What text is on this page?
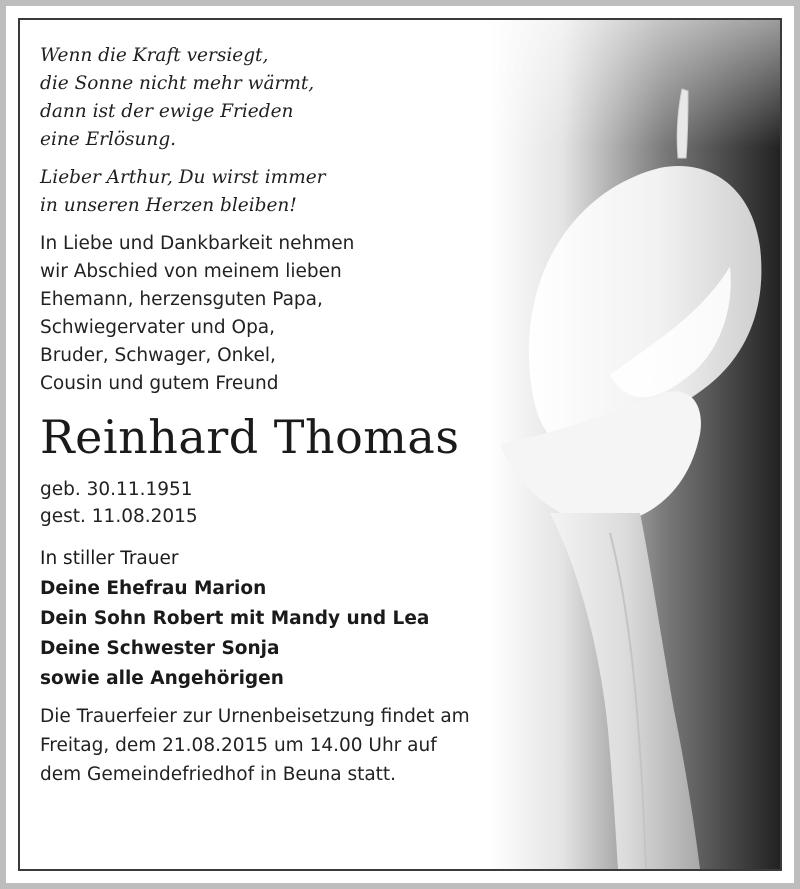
Wenn die Kraft versiegt,
die Sonne nicht mehr wärmt,
dann ist der ewige Frieden
eine Erlösung.
Lieber Arthur, Du wirst immer
in unseren Herzen bleiben!
In Liebe und Dankbarkeit nehmen
wir Abschied von meinem lieben
Ehemann, herzensguten Papa,
Schwiegervater und Opa,
Bruder, Schwager, Onkel,
Cousin und gutem Freund
Reinhard Thomas
geb. 30.11.1951
gest. 11.08.2015
In stiller Trauer
Deine Ehefrau Marion
Dein Sohn Robert mit Mandy und Lea
Deine Schwester Sonja
sowie alle Angehörigen
Die Trauerfeier zur Urnenbeisetzung findet am
Freitag, dem 21.08.2015 um 14.00 Uhr auf
dem Gemeindefriedhof in Beuna statt.
